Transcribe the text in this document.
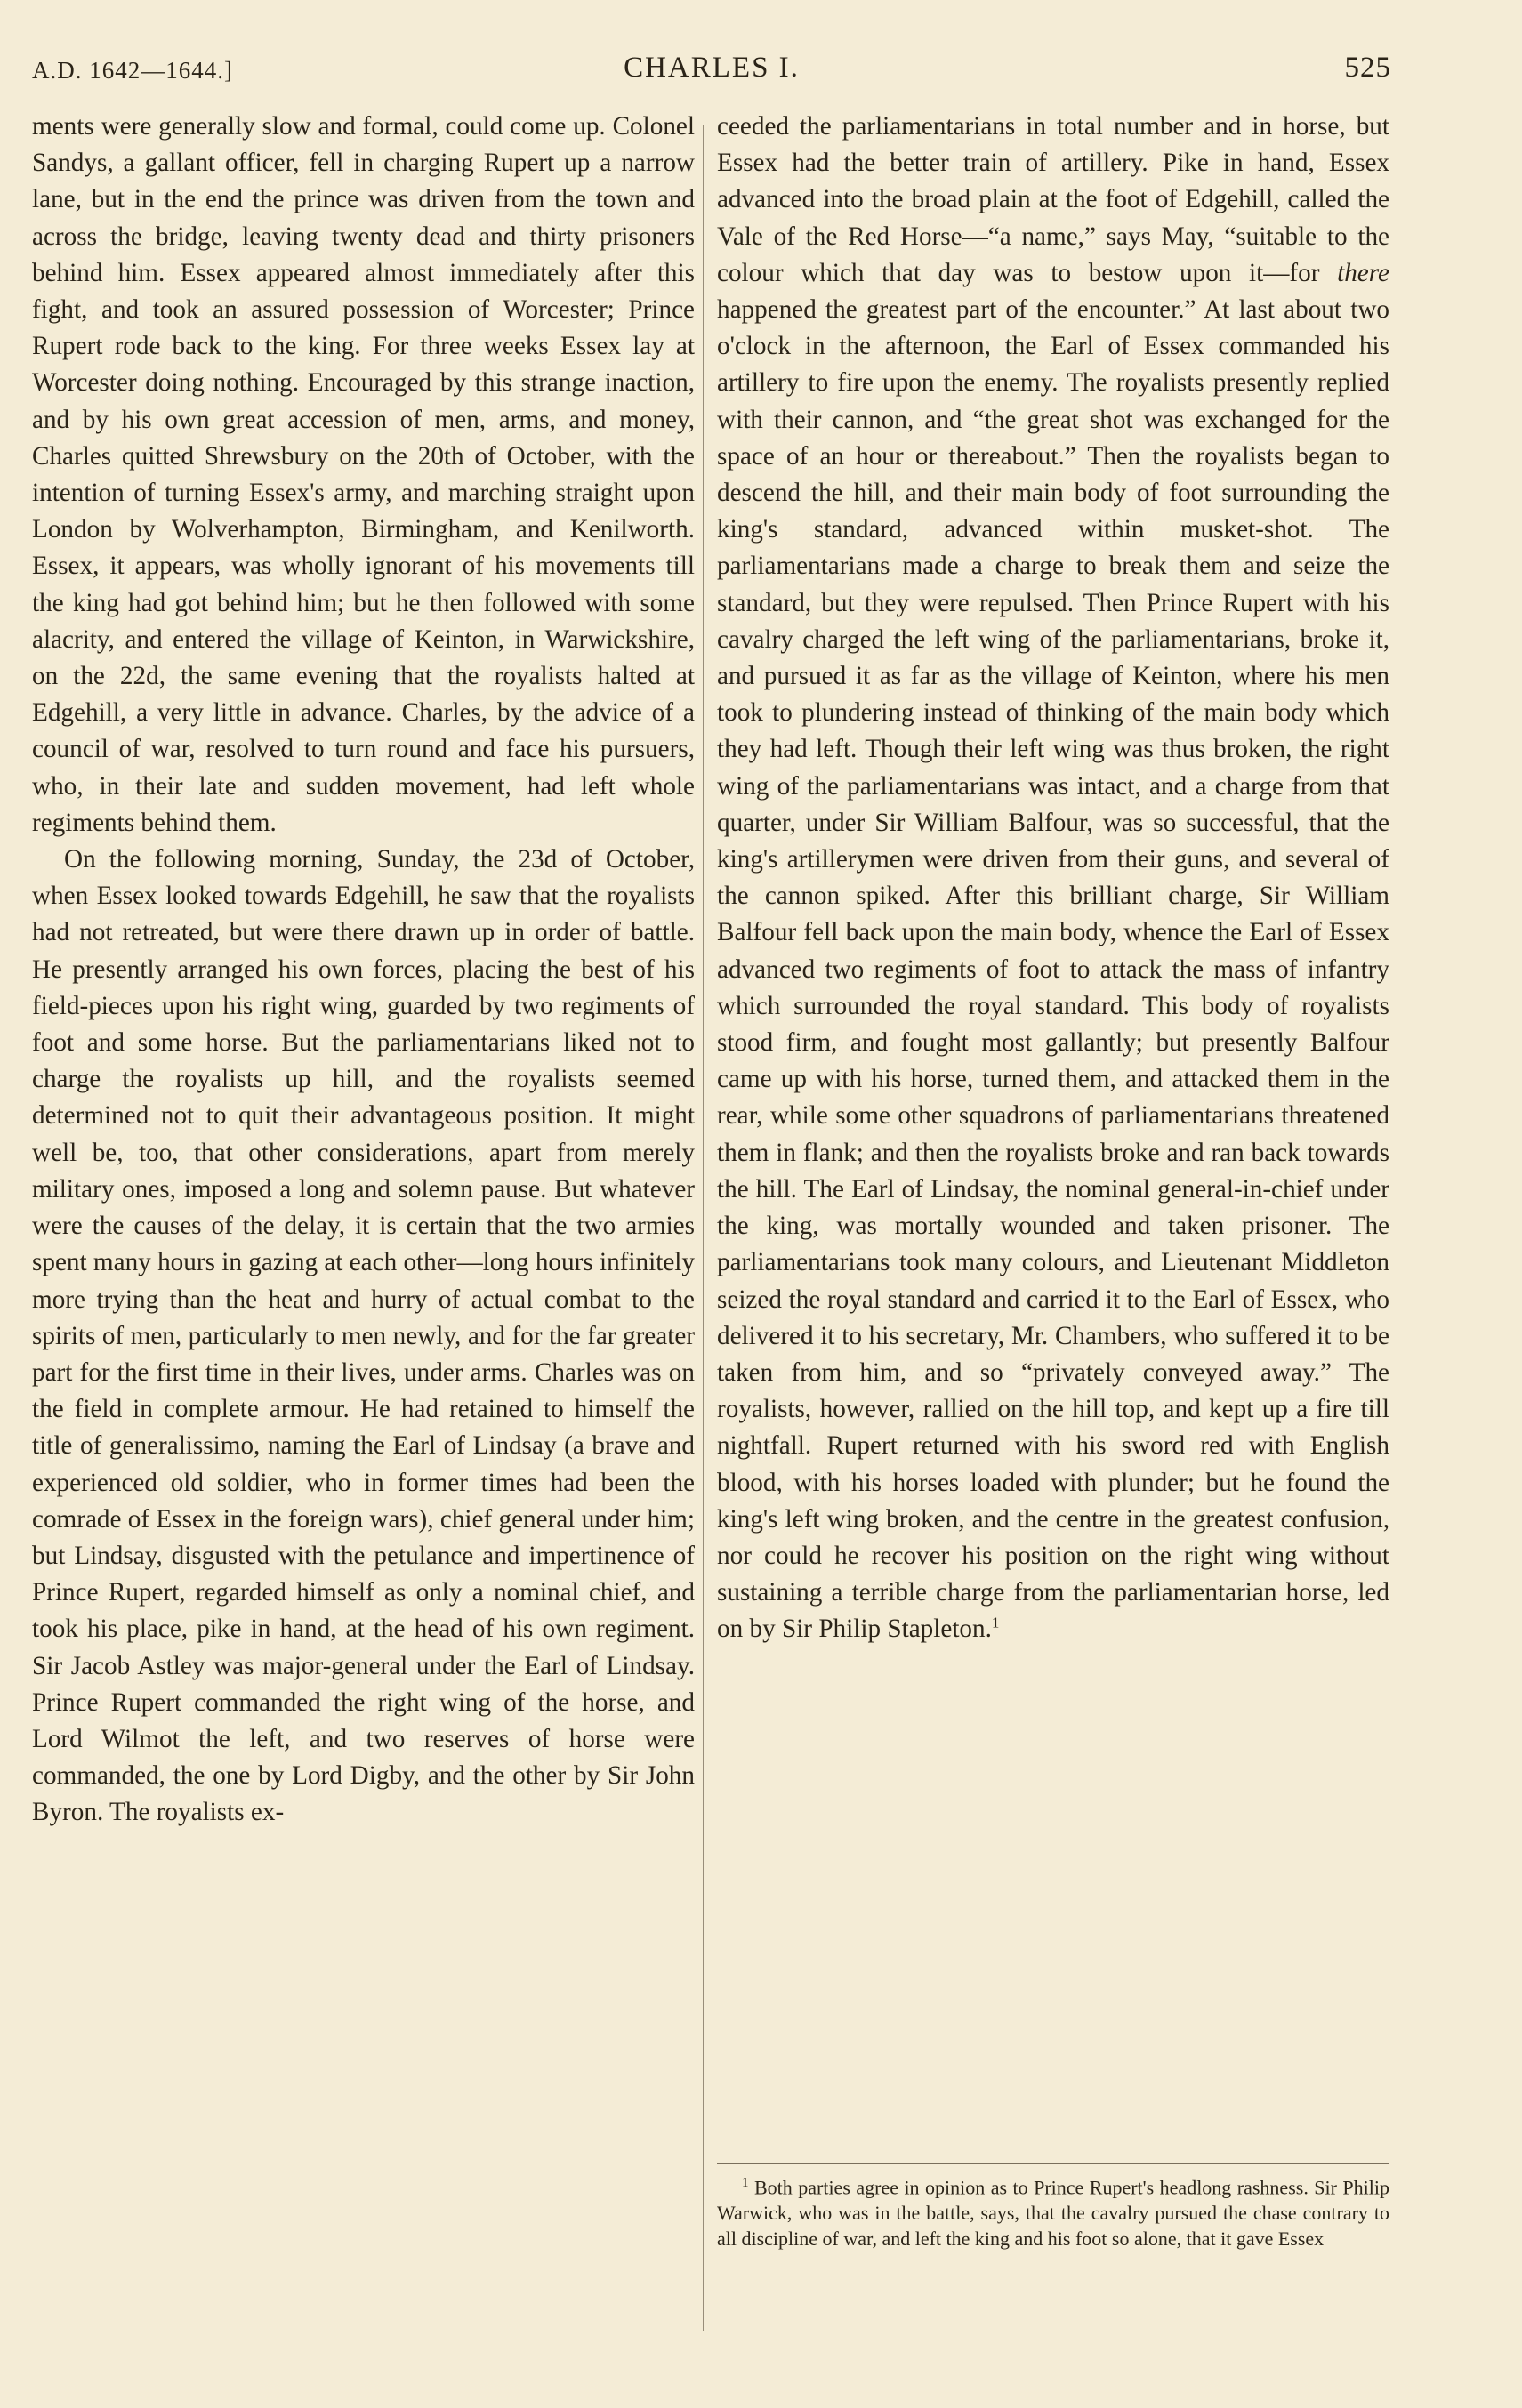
A.D. 1642—1644.]	CHARLES I.	525

ments were generally slow and formal, could come up. Colonel Sandys, a gallant officer, fell in charging Rupert up a narrow lane, but in the end the prince was driven from the town and across the bridge, leaving twenty dead and thirty prisoners behind him. Essex appeared almost immediately after this fight, and took an assured possession of Worcester; Prince Rupert rode back to the king. For three weeks Essex lay at Worcester doing nothing. Encouraged by this strange inaction, and by his own great accession of men, arms, and money, Charles quitted Shrewsbury on the 20th of October, with the intention of turning Essex's army, and marching straight upon London by Wolverhampton, Birmingham, and Kenilworth. Essex, it appears, was wholly ignorant of his movements till the king had got behind him; but he then followed with some alacrity, and entered the village of Keinton, in Warwickshire, on the 22d, the same evening that the royalists halted at Edgehill, a very little in advance. Charles, by the advice of a council of war, resolved to turn round and face his pursuers, who, in their late and sudden movement, had left whole regiments behind them.

On the following morning, Sunday, the 23d of October, when Essex looked towards Edgehill, he saw that the royalists had not retreated, but were there drawn up in order of battle. He presently arranged his own forces, placing the best of his field-pieces upon his right wing, guarded by two regiments of foot and some horse. But the parliamentarians liked not to charge the royalists up hill, and the royalists seemed determined not to quit their advantageous position. It might well be, too, that other considerations, apart from merely military ones, imposed a long and solemn pause. But whatever were the causes of the delay, it is certain that the two armies spent many hours in gazing at each other—long hours infinitely more trying than the heat and hurry of actual combat to the spirits of men, particularly to men newly, and for the far greater part for the first time in their lives, under arms. Charles was on the field in complete armour. He had retained to himself the title of generalissimo, naming the Earl of Lindsay (a brave and experienced old soldier, who in former times had been the comrade of Essex in the foreign wars), chief general under him; but Lindsay, disgusted with the petulance and impertinence of Prince Rupert, regarded himself as only a nominal chief, and took his place, pike in hand, at the head of his own regiment. Sir Jacob Astley was major-general under the Earl of Lindsay. Prince Rupert commanded the right wing of the horse, and Lord Wilmot the left, and two reserves of horse were commanded, the one by Lord Digby, and the other by Sir John Byron. The royalists ex-

ceeded the parliamentarians in total number and in horse, but Essex had the better train of artillery. Pike in hand, Essex advanced into the broad plain at the foot of Edgehill, called the Vale of the Red Horse—“a name,” says May, “suitable to the colour which that day was to bestow upon it—for there happened the greatest part of the encounter.” At last about two o'clock in the afternoon, the Earl of Essex commanded his artillery to fire upon the enemy. The royalists presently replied with their cannon, and “the great shot was exchanged for the space of an hour or thereabout.” Then the royalists began to descend the hill, and their main body of foot surrounding the king's standard, advanced within musket-shot. The parliamentarians made a charge to break them and seize the standard, but they were repulsed. Then Prince Rupert with his cavalry charged the left wing of the parliamentarians, broke it, and pursued it as far as the village of Keinton, where his men took to plundering instead of thinking of the main body which they had left. Though their left wing was thus broken, the right wing of the parliamentarians was intact, and a charge from that quarter, under Sir William Balfour, was so successful, that the king's artillerymen were driven from their guns, and several of the cannon spiked. After this brilliant charge, Sir William Balfour fell back upon the main body, whence the Earl of Essex advanced two regiments of foot to attack the mass of infantry which surrounded the royal standard. This body of royalists stood firm, and fought most gallantly; but presently Balfour came up with his horse, turned them, and attacked them in the rear, while some other squadrons of parliamentarians threatened them in flank; and then the royalists broke and ran back towards the hill. The Earl of Lindsay, the nominal general-in-chief under the king, was mortally wounded and taken prisoner. The parliamentarians took many colours, and Lieutenant Middleton seized the royal standard and carried it to the Earl of Essex, who delivered it to his secretary, Mr. Chambers, who suffered it to be taken from him, and so “privately conveyed away.” The royalists, however, rallied on the hill top, and kept up a fire till nightfall. Rupert returned with his sword red with English blood, with his horses loaded with plunder; but he found the king's left wing broken, and the centre in the greatest confusion, nor could he recover his position on the right wing without sustaining a terrible charge from the parliamentarian horse, led on by Sir Philip Stapleton.$^1$

$^1$ Both parties agree in opinion as to Prince Rupert's headlong rashness. Sir Philip Warwick, who was in the battle, says, that the cavalry pursued the chase contrary to all discipline of war, and left the king and his foot so alone, that it gave Essex
